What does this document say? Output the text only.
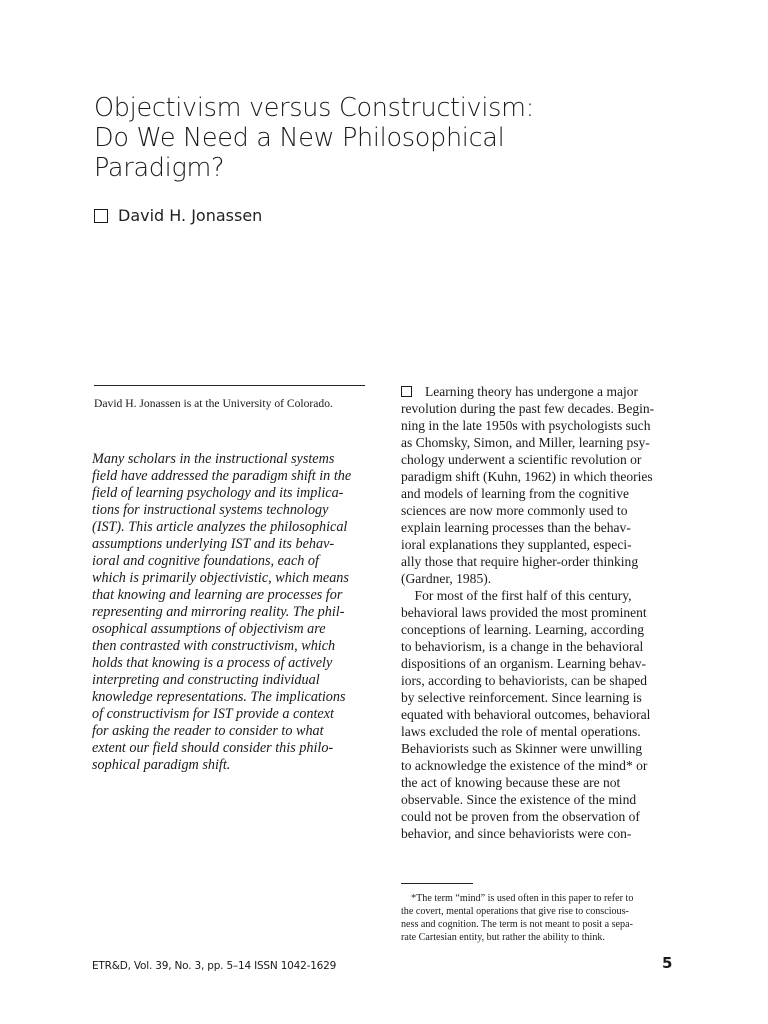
Objectivism versus Constructivism:
Do We Need a New Philosophical
Paradigm?
David H. Jonassen
David H. Jonassen is at the University of Colorado.
Many scholars in the instructional systems
field have addressed the paradigm shift in the
field of learning psychology and its implica-
tions for instructional systems technology
(IST). This article analyzes the philosophical
assumptions underlying IST and its behav-
ioral and cognitive foundations, each of
which is primarily objectivistic, which means
that knowing and learning are processes for
representing and mirroring reality. The phil-
osophical assumptions of objectivism are
then contrasted with constructivism, which
holds that knowing is a process of actively
interpreting and constructing individual
knowledge representations. The implications
of constructivism for IST provide a context
for asking the reader to consider to what
extent our field should consider this philo-
sophical paradigm shift.
Learning theory has undergone a major
revolution during the past few decades. Begin-
ning in the late 1950s with psychologists such
as Chomsky, Simon, and Miller, learning psy-
chology underwent a scientific revolution or
paradigm shift (Kuhn, 1962) in which theories
and models of learning from the cognitive
sciences are now more commonly used to
explain learning processes than the behav-
ioral explanations they supplanted, especi-
ally those that require higher-order thinking
(Gardner, 1985).
 For most of the first half of this century,
behavioral laws provided the most prominent
conceptions of learning. Learning, according
to behaviorism, is a change in the behavioral
dispositions of an organism. Learning behav-
iors, according to behaviorists, can be shaped
by selective reinforcement. Since learning is
equated with behavioral outcomes, behavioral
laws excluded the role of mental operations.
Behaviorists such as Skinner were unwilling
to acknowledge the existence of the mind* or
the act of knowing because these are not
observable. Since the existence of the mind
could not be proven from the observation of
behavior, and since behaviorists were con-
 *The term “mind” is used often in this paper to refer to
the covert, mental operations that give rise to conscious-
ness and cognition. The term is not meant to posit a sepa-
rate Cartesian entity, but rather the ability to think.
ETR&D, Vol. 39, No. 3, pp. 5–14 ISSN 1042-1629	5
